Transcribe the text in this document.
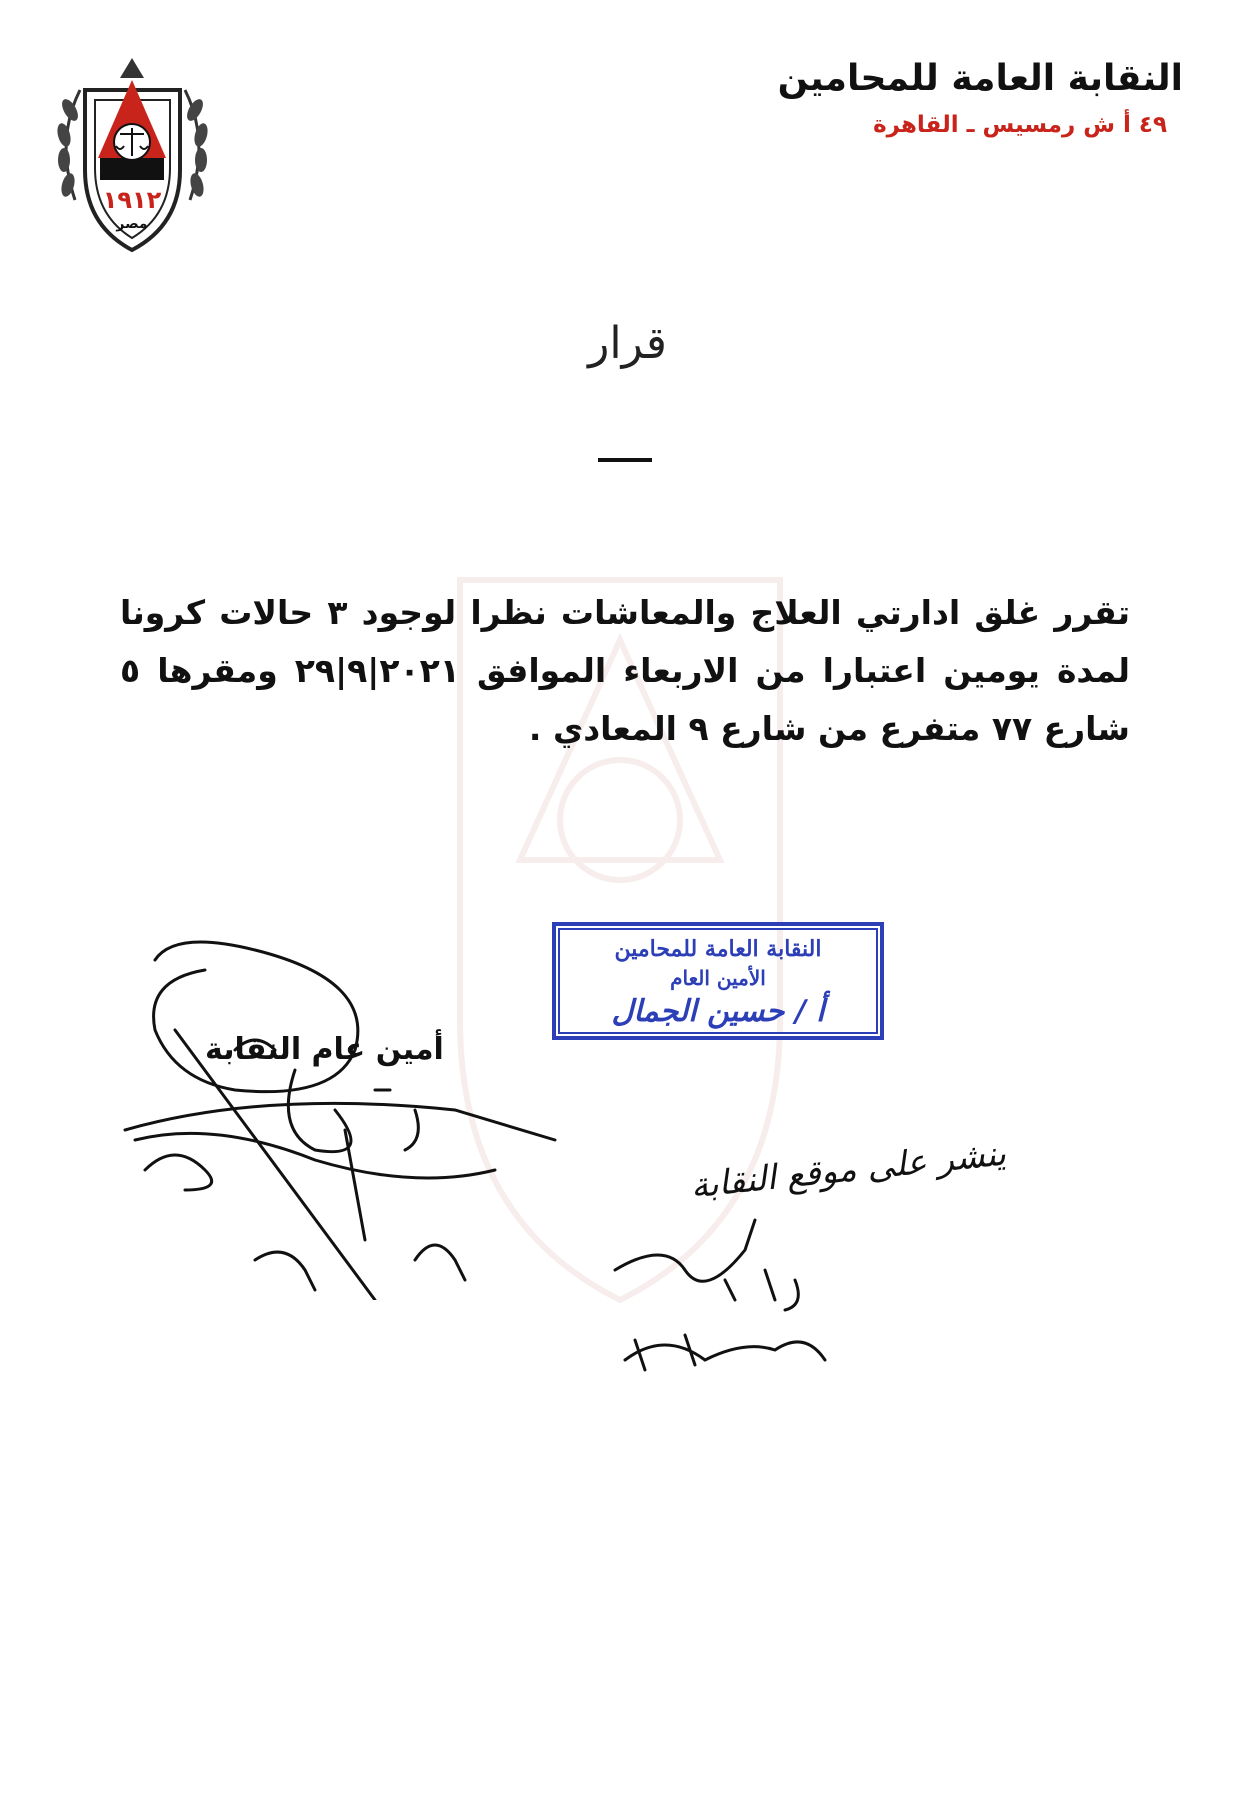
النقابة العامة للمحامين
٤٩ أ ش رمسيس ـ القاهرة
١٩١٢
مصر
قرار
تقرر غلق ادارتي العلاج والمعاشات نظرا لوجود ٣ حالات كرونا لمدة يومين اعتبارا من الاربعاء الموافق ٢٠٢١|٩|٢٩ ومقرها ٥ شارع ٧٧ متفرع من شارع ٩ المعادي .
النقابة العامة للمحامين
الأمين العام
أ / حسين الجمال
أمين عام النقابة
ينشر على موقع النقابة
